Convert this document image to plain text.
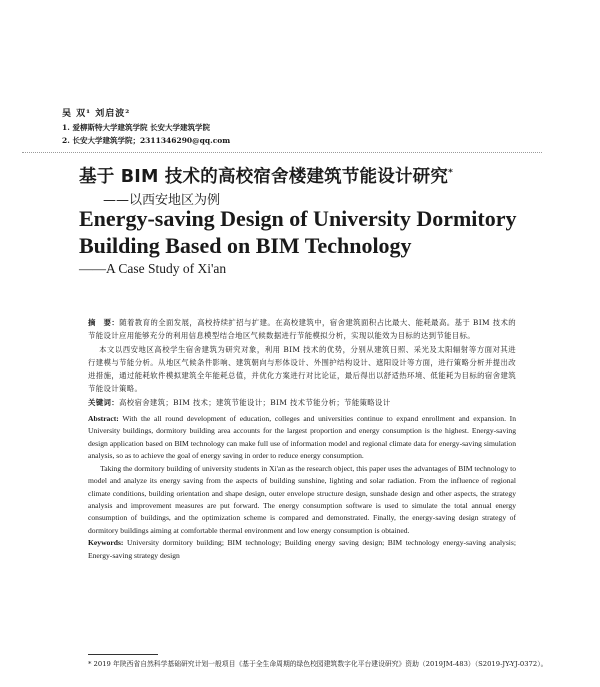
吴 双¹ 刘启波²
1. 爱柳斯特大学建筑学院 长安大学建筑学院
2. 长安大学建筑学院；2311346290@qq.com
基于 BIM 技术的高校宿舍楼建筑节能设计研究*
——以西安地区为例
Energy-saving Design of University Dormitory
Building Based on BIM Technology
——A Case Study of Xi'an

摘　要：随着教育的全面发展，高校持续扩招与扩建。在高校建筑中，宿舍建筑面积占比最大、能耗最高。基于 BIM 技术的节能设计应用能够充分的利用信息模型结合地区气候数据进行节能模拟分析，实现以能效为目标的达到节能目标。

本文以西安地区高校学生宿舍建筑为研究对象，利用 BIM 技术的优势，分别从建筑日照、采光及太阳辐射等方面对其进行建模与节能分析。从地区气候条件影响、建筑朝向与形体设计、外围护结构设计、遮阳设计等方面，进行策略分析并提出改进措施，通过能耗软件模拟建筑全年能耗总值，并优化方案进行对比论证，最后得出以舒适热环境、低能耗为目标的宿舍建筑节能设计策略。

关键词：高校宿舍建筑；BIM 技术；建筑节能设计；BIM 技术节能分析；节能策略设计

Abstract: With the all round development of education, colleges and universities continue to expand enrollment and expansion. In University buildings, dormitory building area accounts for the largest proportion and energy consumption is the highest. Energy-saving design application based on BIM technology can make full use of information model and regional climate data for energy-saving simulation analysis, so as to achieve the goal of energy saving in order to reduce energy consumption.

Taking the dormitory building of university students in Xi'an as the research object, this paper uses the advantages of BIM technology to model and analyze its energy saving from the aspects of building sunshine, lighting and solar radiation. From the influence of regional climate conditions, building orientation and shape design, outer envelope structure design, sunshade design and other aspects, the strategy analysis and improvement measures are put forward. The energy consumption software is used to simulate the total annual energy consumption of buildings, and the optimization scheme is compared and demonstrated. Finally, the energy-saving design strategy of dormitory buildings aiming at comfortable thermal environment and low energy consumption is obtained.

Keywords: University dormitory building; BIM technology; Building energy saving design; BIM technology energy-saving analysis; Energy-saving strategy design

* 2019 年陕西省自然科学基础研究计划一般项目《基于全生命周期的绿色校园建筑数字化平台建设研究》资助（2019JM-483）（S2019-JY-YJ-0372）。
